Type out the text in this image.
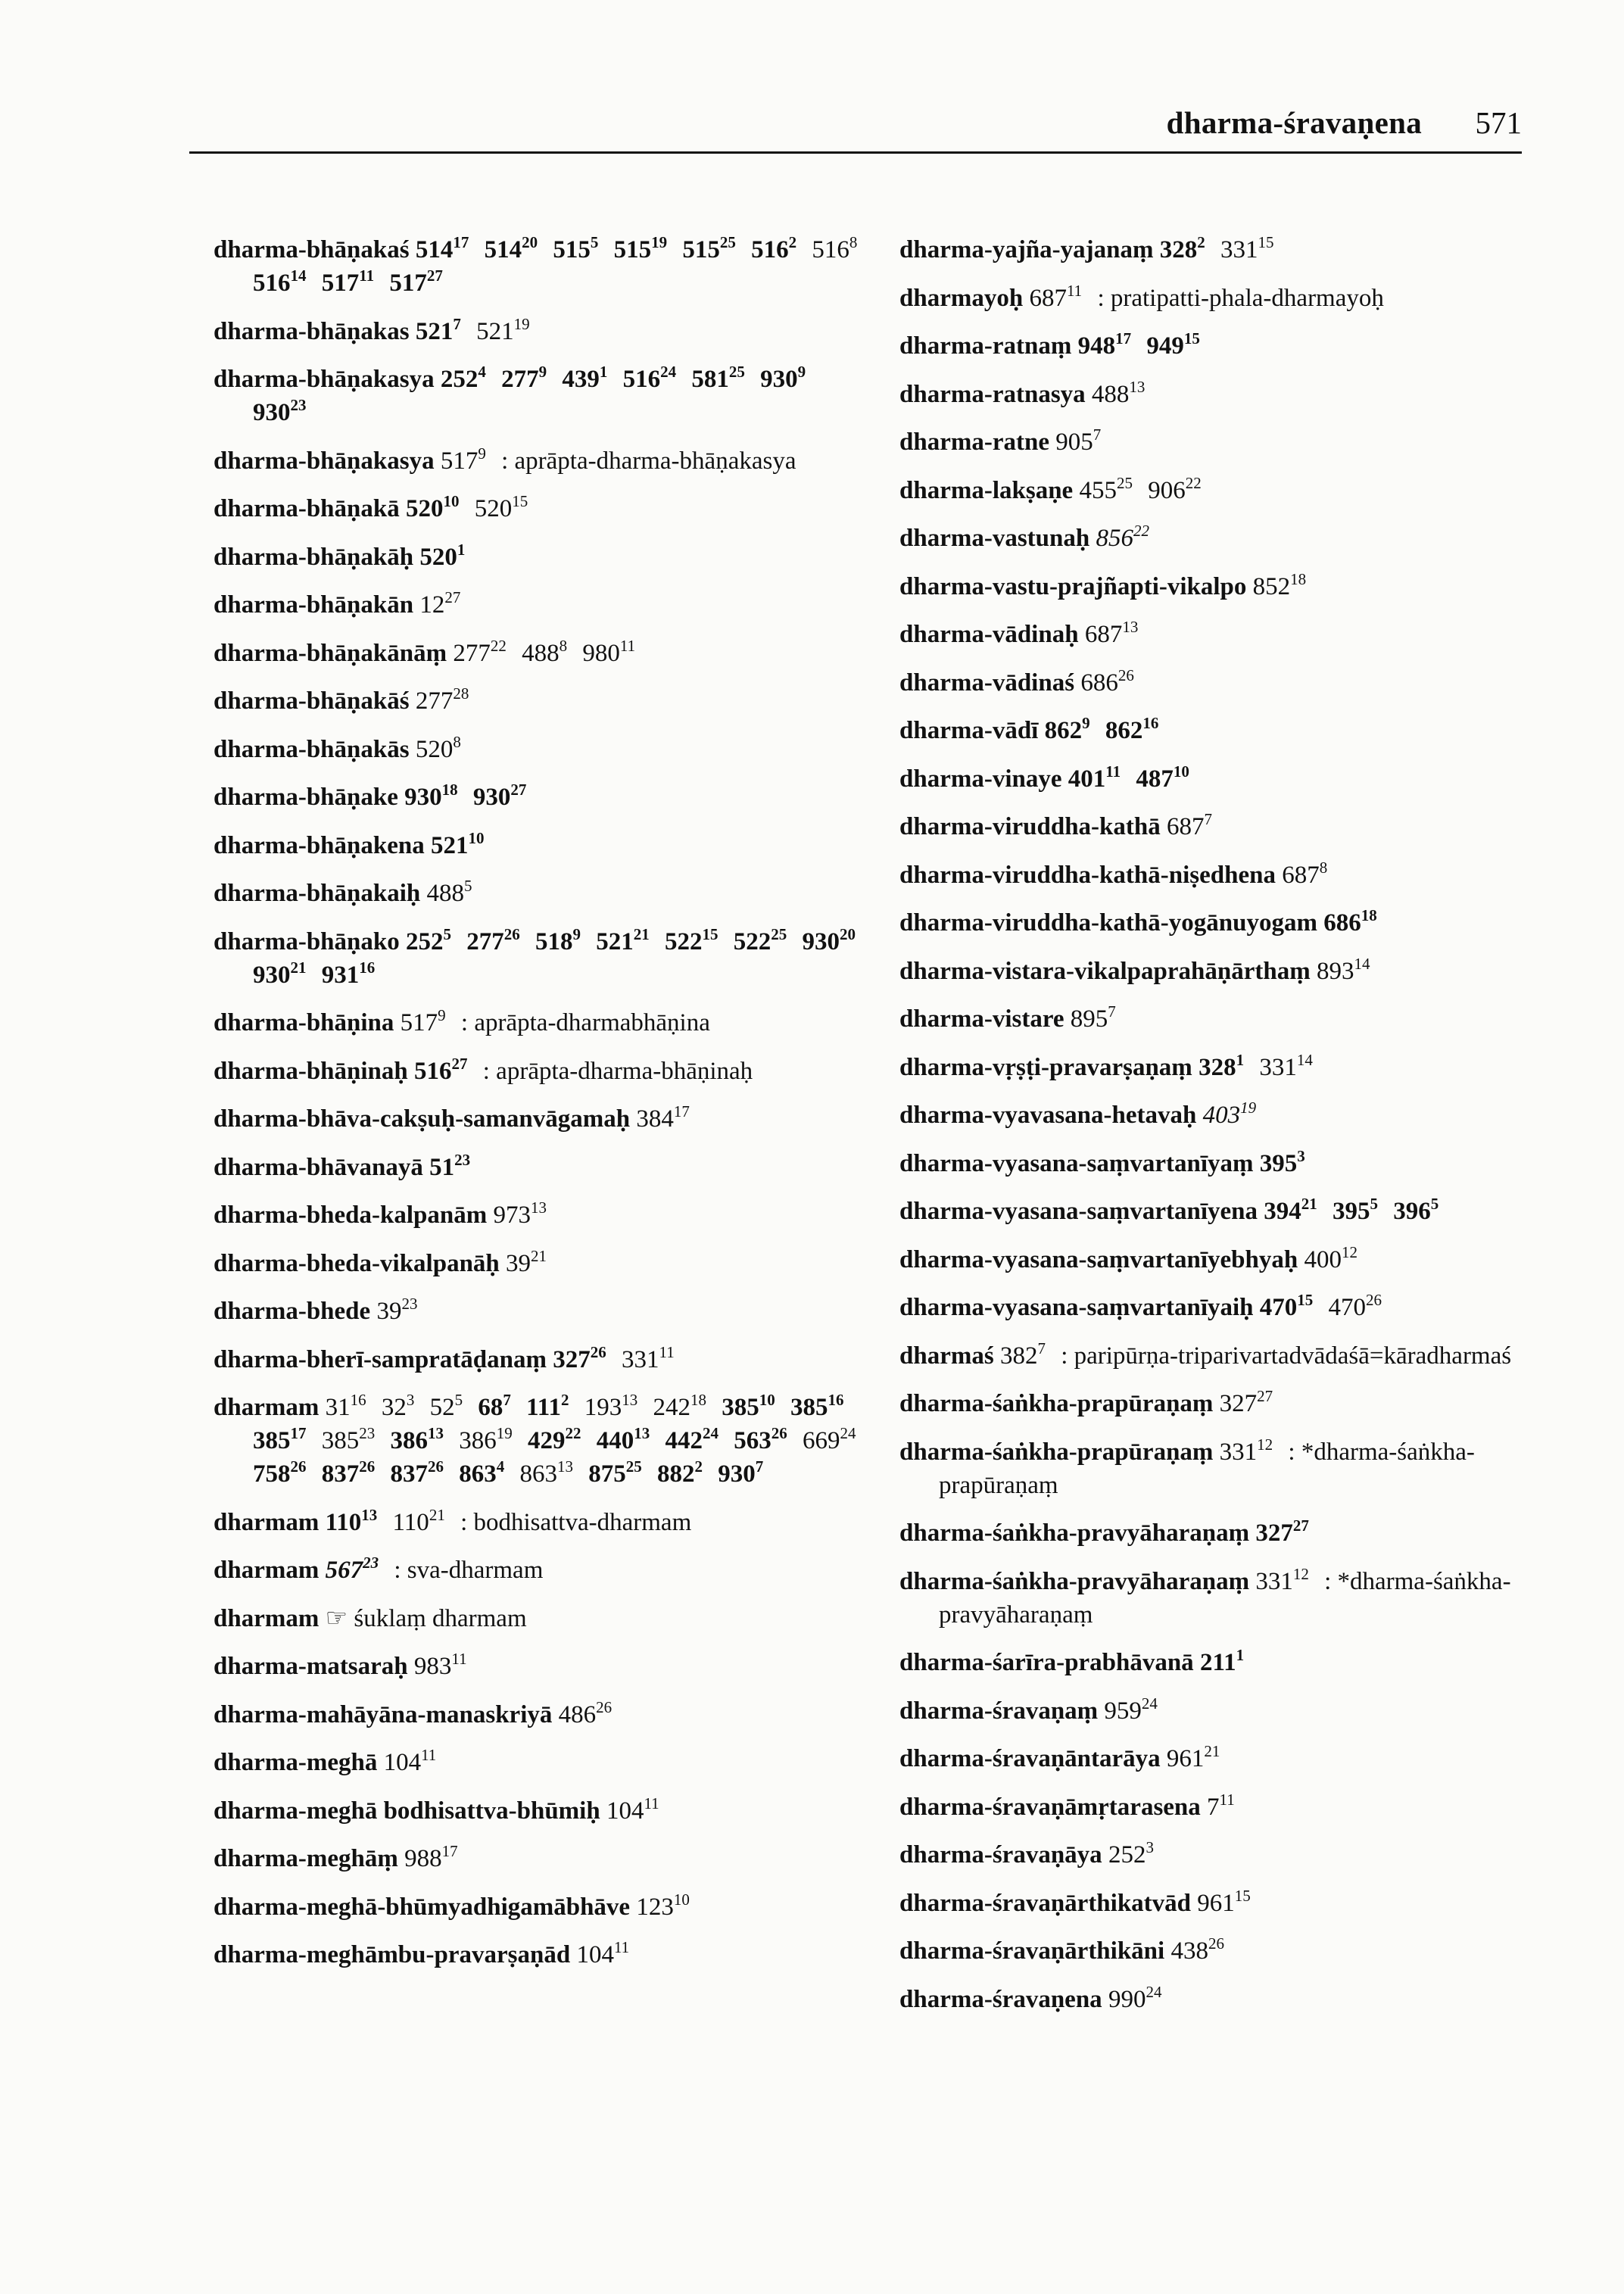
dharma-śravaṇena 571
dharma-bhāṇakaś $514^{17}$ $514^{20}$ $515^5$ $515^{19}$ $515^{25}$ $516^2$ $516^8$ $516^{14}$ $517^{11}$ $517^{27}$
dharma-bhāṇakas $521^7$ $521^{19}$
dharma-bhāṇakasya $252^4$ $277^9$ $439^1$ $516^{24}$ $581^{25}$ $930^9$ $930^{23}$
dharma-bhāṇakasya $517^9$ : aprāpta-dharma-bhāṇakasya
dharma-bhāṇakā $520^{10}$ $520^{15}$
dharma-bhāṇakāḥ $520^1$
dharma-bhāṇakān $12^{27}$
dharma-bhāṇakānāṃ $277^{22}$ $488^8$ $980^{11}$
dharma-bhāṇakāś $277^{28}$
dharma-bhāṇakās $520^8$
dharma-bhāṇake $930^{18}$ $930^{27}$
dharma-bhāṇakena $521^{10}$
dharma-bhāṇakaiḥ $488^5$
dharma-bhāṇako $252^5$ $277^{26}$ $518^9$ $521^{21}$ $522^{15}$ $522^{25}$ $930^{20}$ $930^{21}$ $931^{16}$
dharma-bhāṇina $517^9$ : aprāpta-dharmabhāṇina
dharma-bhāṇinaḥ $516^{27}$ : aprāpta-dharma-bhāṇinaḥ
dharma-bhāva-cakṣuḥ-samanvāgamaḥ $384^{17}$
dharma-bhāvanayā $51^{23}$
dharma-bheda-kalpanām $973^{13}$
dharma-bheda-vikalpanāḥ $39^{21}$
dharma-bhede $39^{23}$
dharma-bherī-sampratāḍanaṃ $327^{26}$ $331^{11}$
dharmam $31^{16}$ $32^3$ $52^5$ $68^7$ $111^2$ $193^{13}$ $242^{18}$ $385^{10}$ $385^{16}$ $385^{17}$ $385^{23}$ $386^{13}$ $386^{19}$ $429^{22}$ $440^{13}$ $442^{24}$ $563^{26}$ $669^{24}$ $758^{26}$ $837^{26}$ $837^{26}$ $863^4$ $863^{13}$ $875^{25}$ $882^2$ $930^7$
dharmam $110^{13}$ $110^{21}$ : bodhisattva-dharmam
dharmam $567^{23}$ : sva-dharmam
dharmam ☞ śuklaṃ dharmam
dharma-matsaraḥ $983^{11}$
dharma-mahāyāna-manaskriyā $486^{26}$
dharma-meghā $104^{11}$
dharma-meghā bodhisattva-bhūmiḥ $104^{11}$
dharma-meghāṃ $988^{17}$
dharma-meghā-bhūmyadhigamābhāve $123^{10}$
dharma-meghāmbu-pravarṣaṇād $104^{11}$
dharma-yajña-yajanaṃ $328^2$ $331^{15}$
dharmayoḥ $687^{11}$ : pratipatti-phala-dharmayoḥ
dharma-ratnaṃ $948^{17}$ $949^{15}$
dharma-ratnasya $488^{13}$
dharma-ratne $905^7$
dharma-lakṣaṇe $455^{25}$ $906^{22}$
dharma-vastunaḥ $856^{22}$
dharma-vastu-prajñapti-vikalpo $852^{18}$
dharma-vādinaḥ $687^{13}$
dharma-vādinaś $686^{26}$
dharma-vādī $862^9$ $862^{16}$
dharma-vinaye $401^{11}$ $487^{10}$
dharma-viruddha-kathā $687^7$
dharma-viruddha-kathā-niṣedhena $687^8$
dharma-viruddha-kathā-yogānuyogam $686^{18}$
dharma-vistara-vikalpaprahāṇārthaṃ $893^{14}$
dharma-vistare $895^7$
dharma-vṛṣṭi-pravarṣaṇaṃ $328^1$ $331^{14}$
dharma-vyavasana-hetavaḥ $403^{19}$
dharma-vyasana-saṃvartanīyaṃ $395^3$
dharma-vyasana-saṃvartanīyena $394^{21}$ $395^5$ $396^5$
dharma-vyasana-saṃvartanīyebhyaḥ $400^{12}$
dharma-vyasana-saṃvartanīyaiḥ $470^{15}$ $470^{26}$
dharmaś $382^7$ : paripūrṇa-triparivartadvādaśā=kāradharmaś
dharma-śaṅkha-prapūraṇaṃ $327^{27}$
dharma-śaṅkha-prapūraṇaṃ $331^{12}$ : *dharma-śaṅkha-prapūraṇaṃ
dharma-śaṅkha-pravyāharaṇaṃ $327^{27}$
dharma-śaṅkha-pravyāharaṇaṃ $331^{12}$ : *dharma-śaṅkha-pravyāharaṇaṃ
dharma-śarīra-prabhāvanā $211^1$
dharma-śravaṇaṃ $959^{24}$
dharma-śravaṇāntarāya $961^{21}$
dharma-śravaṇāmṛtarasena $7^{11}$
dharma-śravaṇāya $252^3$
dharma-śravaṇārthikatvād $961^{15}$
dharma-śravaṇārthikāni $438^{26}$
dharma-śravaṇena $990^{24}$
